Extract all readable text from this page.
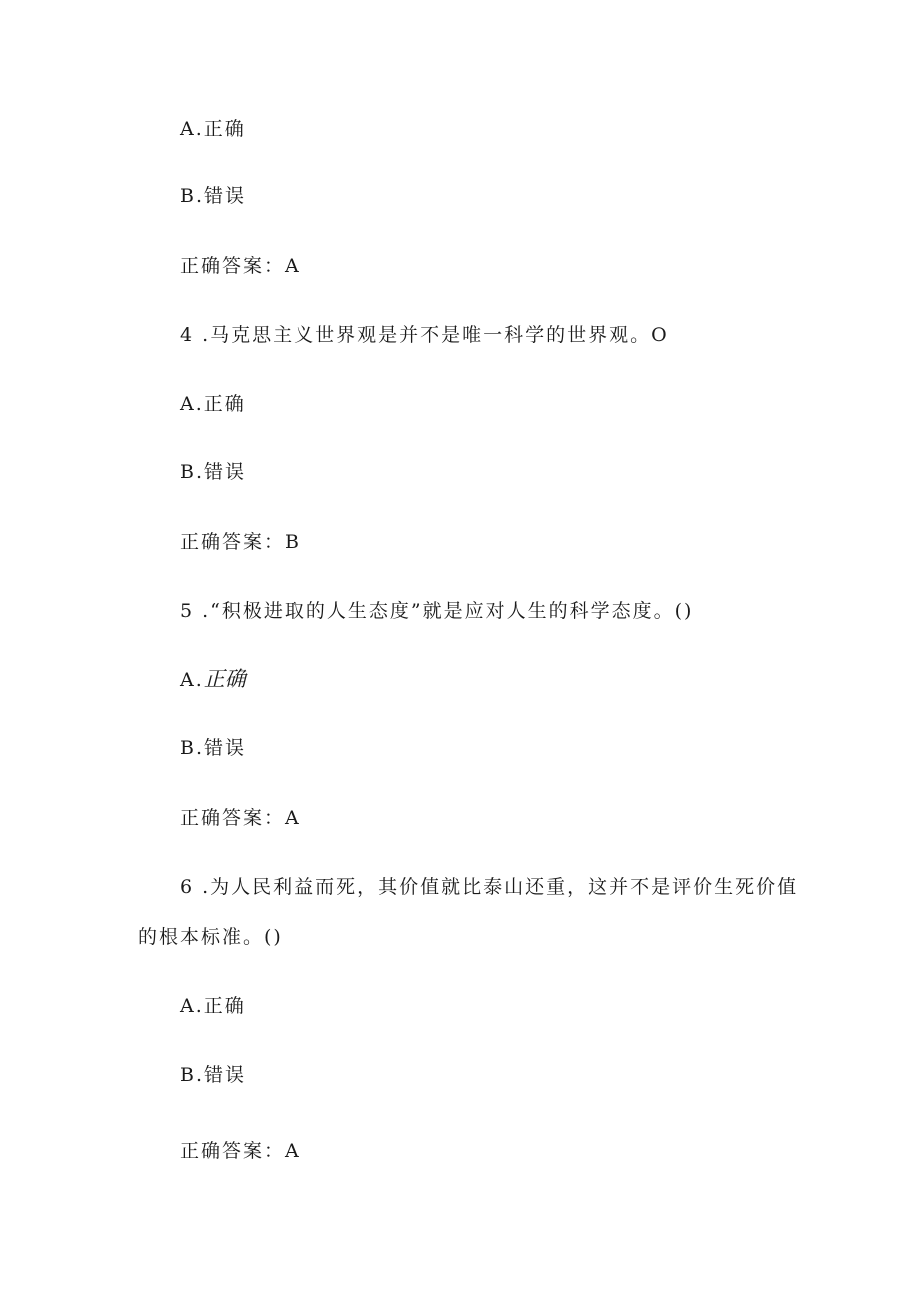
A.正确
B.错误
正确答案：A
4 .马克思主义世界观是并不是唯一科学的世界观。O
A.正确
B.错误
正确答案：B
5 .“积极进取的人生态度”就是应对人生的科学态度。()
A.正确
B.错误
正确答案：A
6 .为人民利益而死，其价值就比泰山还重，这并不是评价生死价值
的根本标准。()
A.正确
B.错误
正确答案：A
